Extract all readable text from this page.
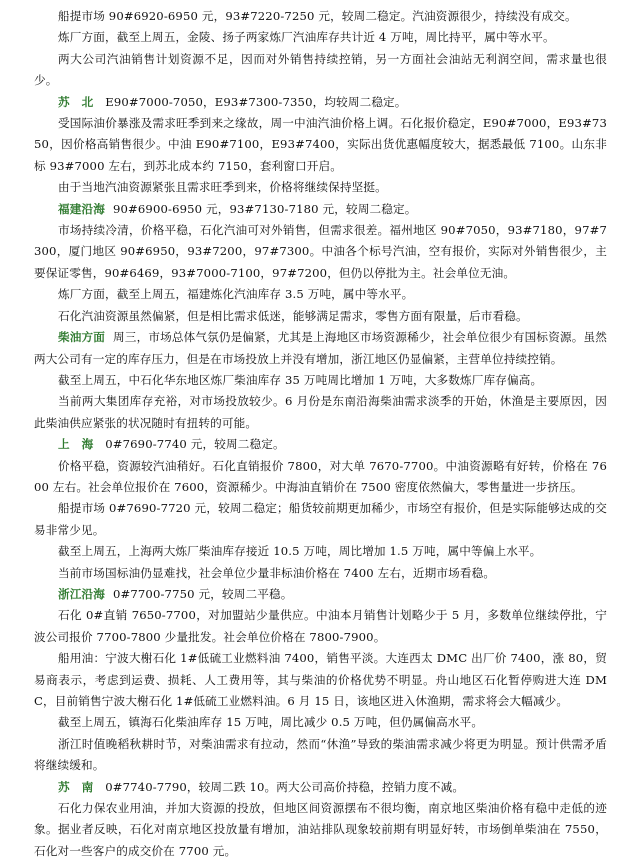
船提市场 90#6920-6950 元，93#7220-7250 元，较周二稳定。汽油资源很少，持续没有成交。

炼厂方面，截至上周五，金陵、扬子两家炼厂汽油库存共计近 4 万吨，周比持平，属中等水平。

两大公司汽油销售计划资源不足，因而对外销售持续控销，另一方面社会油站无利润空间，需求量也很少。

苏 北 E90#7000-7050，E93#7300-7350，均较周二稳定。

受国际油价暴涨及需求旺季到来之缘故，周一中油汽油价格上调。石化报价稳定，E90#7000，E93#7350，因价格高销售很少。中油 E90#7100，E93#7400，实际出货优惠幅度较大，据悉最低 7100。山东非标 93#7000 左右，到苏北成本约 7150，套利窗口开启。

由于当地汽油资源紧张且需求旺季到来，价格将继续保持坚挺。

福建沿海 90#6900-6950 元，93#7130-7180 元，较周二稳定。

市场持续冷清，价格平稳，石化汽油可对外销售，但需求很差。福州地区 90#7050，93#7180，97#7300，厦门地区 90#6950，93#7200，97#7300。中油各个标号汽油，空有报价，实际对外销售很少，主要保证零售，90#6469，93#7000-7100，97#7200，但仍以停批为主。社会单位无油。

炼厂方面，截至上周五，福建炼化汽油库存 3.5 万吨，属中等水平。

石化汽油资源虽然偏紧，但是相比需求低迷，能够满足需求，零售方面有限量，后市看稳。

柴油方面 周三，市场总体气氛仍是偏紧，尤其是上海地区市场资源稀少，社会单位很少有国标资源。虽然两大公司有一定的库存压力，但是在市场投放上并没有增加，浙江地区仍显偏紧，主营单位持续控销。

截至上周五，中石化华东地区炼厂柴油库存 35 万吨周比增加 1 万吨，大多数炼厂库存偏高。

当前两大集团库存充裕，对市场投放较少。6 月份是东南沿海柴油需求淡季的开始，休渔是主要原因，因此柴油供应紧张的状况随时有扭转的可能。

上 海 0#7690-7740 元，较周二稳定。

价格平稳，资源较汽油稍好。石化直销报价 7800，对大单 7670-7700。中油资源略有好转，价格在 7600 左右。社会单位报价在 7600，资源稀少。中海油直销价在 7500 密度依然偏大，零售量进一步挤压。

船提市场 0#7690-7720 元，较周二稳定；船货较前期更加稀少，市场空有报价，但是实际能够达成的交易非常少见。

截至上周五，上海两大炼厂柴油库存接近 10.5 万吨，周比增加 1.5 万吨，属中等偏上水平。

当前市场国标油仍显难找，社会单位少量非标油价格在 7400 左右，近期市场看稳。

浙江沿海 0#7700-7750 元，较周二平稳。

石化 0#直销 7650-7700，对加盟站少量供应。中油本月销售计划略少于 5 月，多数单位继续停批，宁波公司报价 7700-7800 少量批发。社会单位价格在 7800-7900。

船用油：宁波大榭石化 1#低硫工业燃料油 7400，销售平淡。大连西太 DMC 出厂价 7400，涨 80，贸易商表示，考虑到运费、损耗、人工费用等，其与柴油的价格优势不明显。舟山地区石化暂停购进大连 DMC，目前销售宁波大榭石化 1#低硫工业燃料油。6 月 15 日，该地区进入休渔期，需求将会大幅减少。

截至上周五，镇海石化柴油库存 15 万吨，周比减少 0.5 万吨，但仍属偏高水平。

浙江时值晚稻秋耕时节，对柴油需求有拉动，然而“休渔”导致的柴油需求减少将更为明显。预计供需矛盾将继续缓和。

苏 南 0#7740-7790，较周二跌 10。两大公司高价持稳，控销力度不减。

石化力保农业用油，并加大资源的投放，但地区间资源摆布不很均衡，南京地区柴油价格有稳中走低的迹象。据业者反映，石化对南京地区投放量有增加，油站排队现象较前期有明显好转，市场倒单柴油在 7550，石化对一些客户的成交价在 7700 元。
